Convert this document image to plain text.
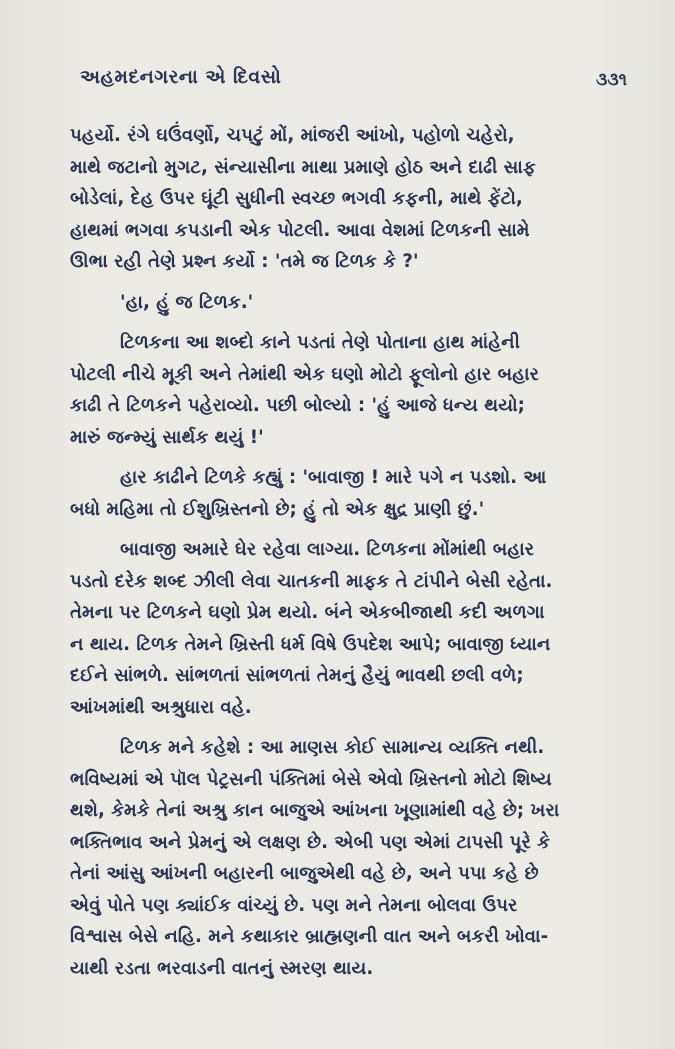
અહમદનગરના એ દિવસો	૩૩૧
પહર્યો. રંગે ઘઉંવર્ણો, ચપટું મોં, માંજરી આંખો, પહોળો ચહેરો,
માથે જટાનો મુગટ, સંન્યાસીના માથા પ્રમાણે હોઠ અને દાઢી સાફ
બોડેલાં, દેહ ઉપર ઘૂંટી સુધીની સ્વચ્છ ભગવી કફની, માથે ફેંટો,
હાથમાં ભગવા કપડાની એક પોટલી. આવા વેશમાં ટિળકની સામે
ઊભા રહી તેણે પ્રશ્ન કર્યો : 'તમે જ ટિળક કે ?'
'હા, હું જ ટિળક.'
ટિળકના આ શબ્દો કાને પડતાં તેણે પોતાના હાથ માંહેની
પોટલી નીચે મૂકી અને તેમાંથી એક ઘણો મોટો ફૂલોનો હાર બહાર
કાઢી તે ટિળકને પહેરાવ્યો. પછી બોલ્યો : 'હું આજે ધન્ય થયો;
મારું જન્મ્યું સાર્થક થયું !'
હાર કાઢીને ટિળકે કહ્યું : 'બાવાજી ! મારે પગે ન પડશો. આ
બધો મહિમા તો ઈશુખ્રિસ્તનો છે; હું તો એક ક્ષુદ્ર પ્રાણી છું.'
બાવાજી અમારે ઘેર રહેવા લાગ્યા. ટિળકના મોંમાંથી બહાર
પડતો દરેક શબ્દ ઝીલી લેવા ચાતકની માફક તે ટાંપીને બેસી રહેતા.
તેમના પર ટિળકને ઘણો પ્રેમ થયો. બંને એકબીજાથી કદી અળગા
ન થાય. ટિળક તેમને ખ્રિસ્તી ધર્મ વિષે ઉપદેશ આપે; બાવાજી ધ્યાન
દઈને સાંભળે. સાંભળતાં સાંભળતાં તેમનું હૈયું ભાવથી છલી વળે;
આંખમાંથી અશ્રુધારા વહે.
ટિળક મને કહેશે : આ માણસ કોઈ સામાન્ય વ્યક્તિ નથી.
ભવિષ્યમાં એ પૉલ પેટ્રસની પંક્તિમાં બેસે એવો ખ્રિસ્તનો મોટો શિષ્ય
થશે, કેમકે તેનાં અશ્રુ કાન બાજુએ આંખના ખૂણામાંથી વહે છે; ખરા
ભક્તિભાવ અને પ્રેમનું એ લક્ષણ છે. એબી પણ એમાં ટાપસી પૂરે કે
તેનાં આંસુ આંખની બહારની બાજુએથી વહે છે, અને પપા કહે છે
એવું પોતે પણ ક્યાંઈક વાંચ્યું છે. પણ મને તેમના બોલવા ઉપર
વિશ્વાસ બેસે નહિ. મને કથાકાર બ્રાહ્મણની વાત અને બકરી ખોવા-
યાથી રડતા ભરવાડની વાતનું સ્મરણ થાય.
